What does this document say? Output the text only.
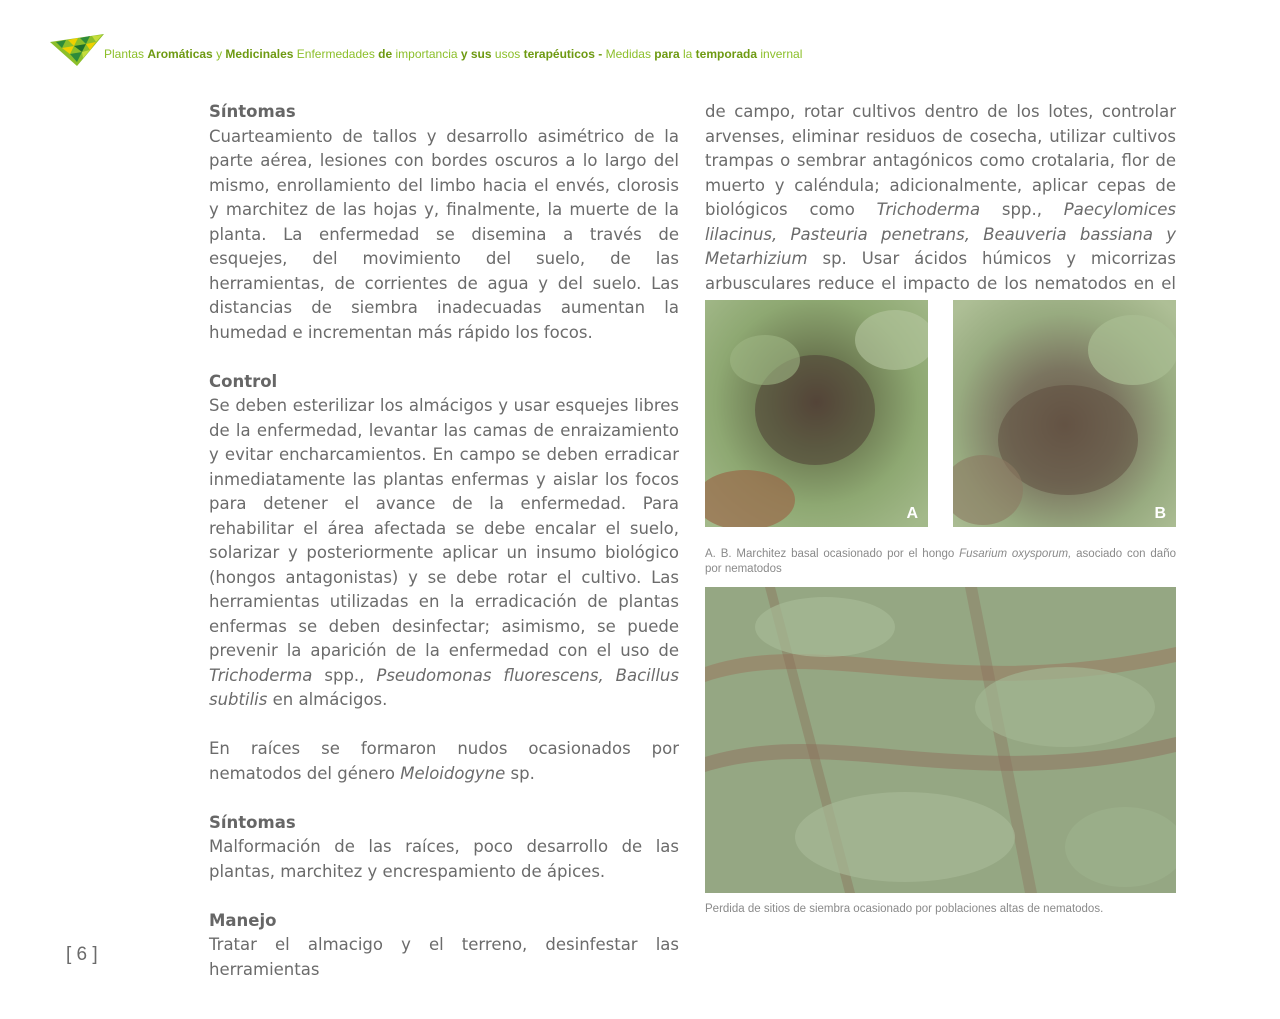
Plantas Aromáticas y Medicinales Enfermedades de importancia y sus usos terapéuticos - Medidas para la temporada invernal
Síntomas

Cuarteamiento de tallos y desarrollo asimétrico de la parte aérea, lesiones con bordes oscuros a lo largo del mismo, enrollamiento del limbo hacia el envés, clorosis y marchitez de las hojas y, finalmente, la muerte de la planta. La enfermedad se disemina a través de esquejes, del movimiento del suelo, de las herramientas, de corrientes de agua y del suelo. Las distancias de siembra inadecuadas aumentan la humedad e incrementan más rápido los focos.

Control

Se deben esterilizar los almácigos y usar esquejes libres de la enfermedad, levantar las camas de enraizamiento y evitar encharcamientos. En campo se deben erradicar inmediatamente las plantas enfermas y aislar los focos para detener el avance de la enfermedad. Para rehabilitar el área afectada se debe encalar el suelo, solarizar y posteriormente aplicar un insumo biológico (hongos antagonistas) y se debe rotar el cultivo. Las herramientas utilizadas en la erradicación de plantas enfermas se deben desinfectar; asimismo, se puede prevenir la aparición de la enfermedad con el uso de Trichoderma spp., Pseudomonas fluorescens, Bacillus subtilis en almácigos.

En raíces se formaron nudos ocasionados por nematodos del género Meloidogyne sp.

Síntomas

Malformación de las raíces, poco desarrollo de las plantas, marchitez y encrespamiento de ápices.

Manejo

Tratar el almacigo y el terreno, desinfestar las herramientas

de campo, rotar cultivos dentro de los lotes, controlar arvenses, eliminar residuos de cosecha, utilizar cultivos trampas o sembrar antagónicos como crotalaria, flor de muerto y caléndula; adicionalmente, aplicar cepas de biológicos como Trichoderma spp., Paecylomices lilacinus, Pasteuria penetrans, Beauveria bassiana y Metarhizium sp. Usar ácidos húmicos y micorrizas arbusculares reduce el impacto de los nematodos en el

A	B
A. B. Marchitez basal ocasionado por el hongo Fusarium oxysporum, asociado con daño por nematodos
Perdida de sitios de siembra ocasionado por poblaciones altas de nematodos.
[ 6 ]
